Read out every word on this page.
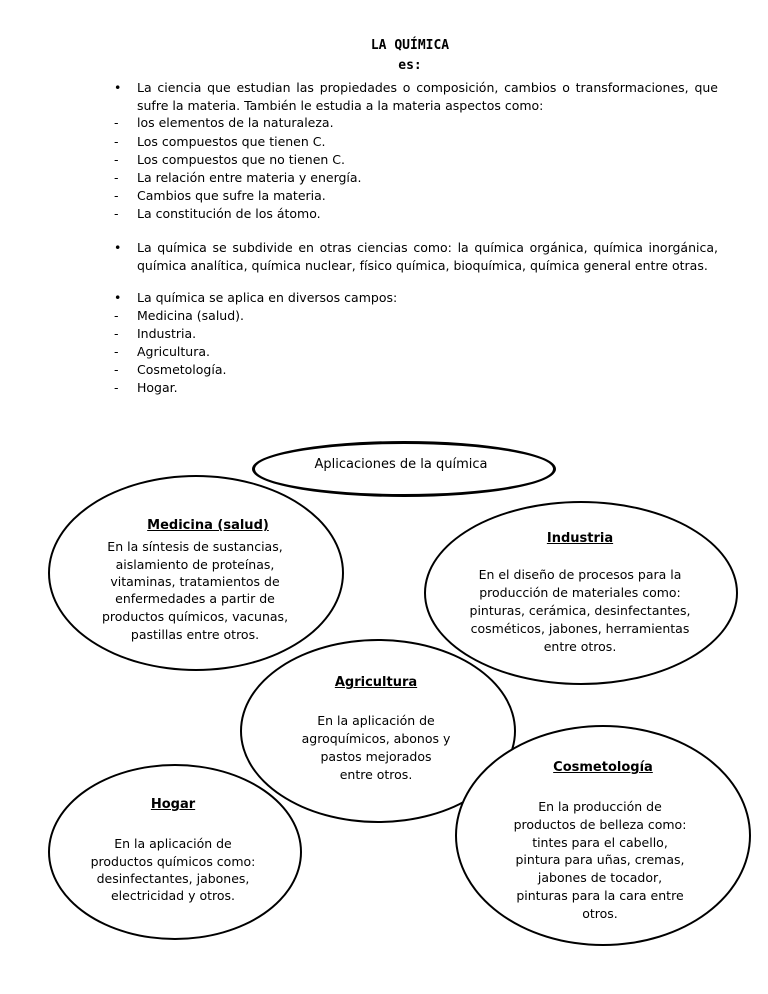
LA QUÍMICA
es:
•	La ciencia que estudian las propiedades o composición, cambios o transformaciones, que sufre la materia. También le estudia a la materia aspectos como:
-	los elementos de la naturaleza.
-	Los compuestos que tienen C.
-	Los compuestos que no tienen C.
-	La relación entre materia y energía.
-	Cambios que sufre la materia.
-	La constitución de los átomo.
•	La química se subdivide en otras ciencias como: la química orgánica, química inorgánica, química analítica, química nuclear, físico química, bioquímica, química general entre otras.
•	La química se aplica en diversos campos:
-	Medicina (salud).
-	Industria.
-	Agricultura.
-	Cosmetología.
-	Hogar.
Aplicaciones de la química
Medicina (salud)
En la síntesis de sustancias,
aislamiento de proteínas,
vitaminas, tratamientos de
enfermedades a partir de
productos químicos, vacunas,
pastillas entre otros.
Industria
En el diseño de procesos para la
producción de materiales como:
pinturas, cerámica, desinfectantes,
cosméticos, jabones, herramientas
entre otros.
Agricultura
En la aplicación de
agroquímicos, abonos y
pastos mejorados
entre otros.	Cosmetología
En la producción de
productos de belleza como:
tintes para el cabello,
pintura para uñas, cremas,
jabones de tocador,
pinturas para la cara entre
otros.
Hogar
En la aplicación de
productos químicos como:
desinfectantes, jabones,
electricidad y otros.
